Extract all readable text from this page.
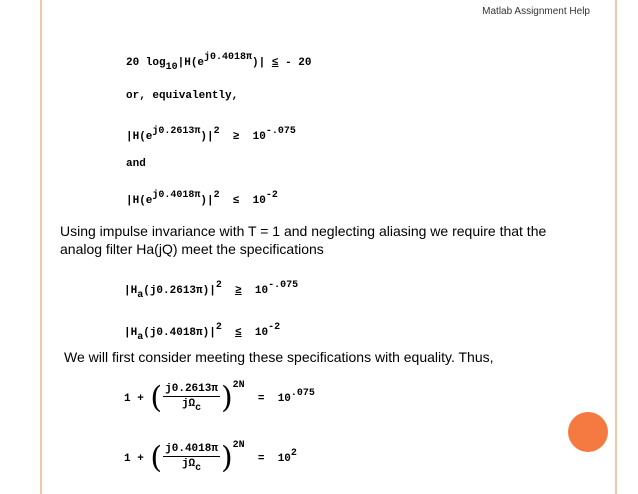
Matlab Assignment Help
20 $\log_{10}|H(e^{j0.4018\pi})|$ ≤ - 20
or, equivalently,
$|H(e^{j0.2613\pi})|^2 \ge 10^{-.075}$
and
$|H(e^{j0.4018\pi})|^2 \le 10^{-2}$
Using impulse invariance with T = 1 and neglecting aliasing we require that the
analog filter Ha(jQ) meet the specifications
$|H_a(j0.2613\pi)|^2 \ge 10^{-.075}$
$|H_a(j0.4018\pi)|^2 \le 10^{-2}$
We will first consider meeting these specifications with equality. Thus,
1 + ( $\frac{j0.2613\pi}{j\Omega_c} )^{2N} = 10^{.075}$
1 + ( $\frac{j0.4018\pi}{j\Omega_c} )^{2N} = 10^2$
